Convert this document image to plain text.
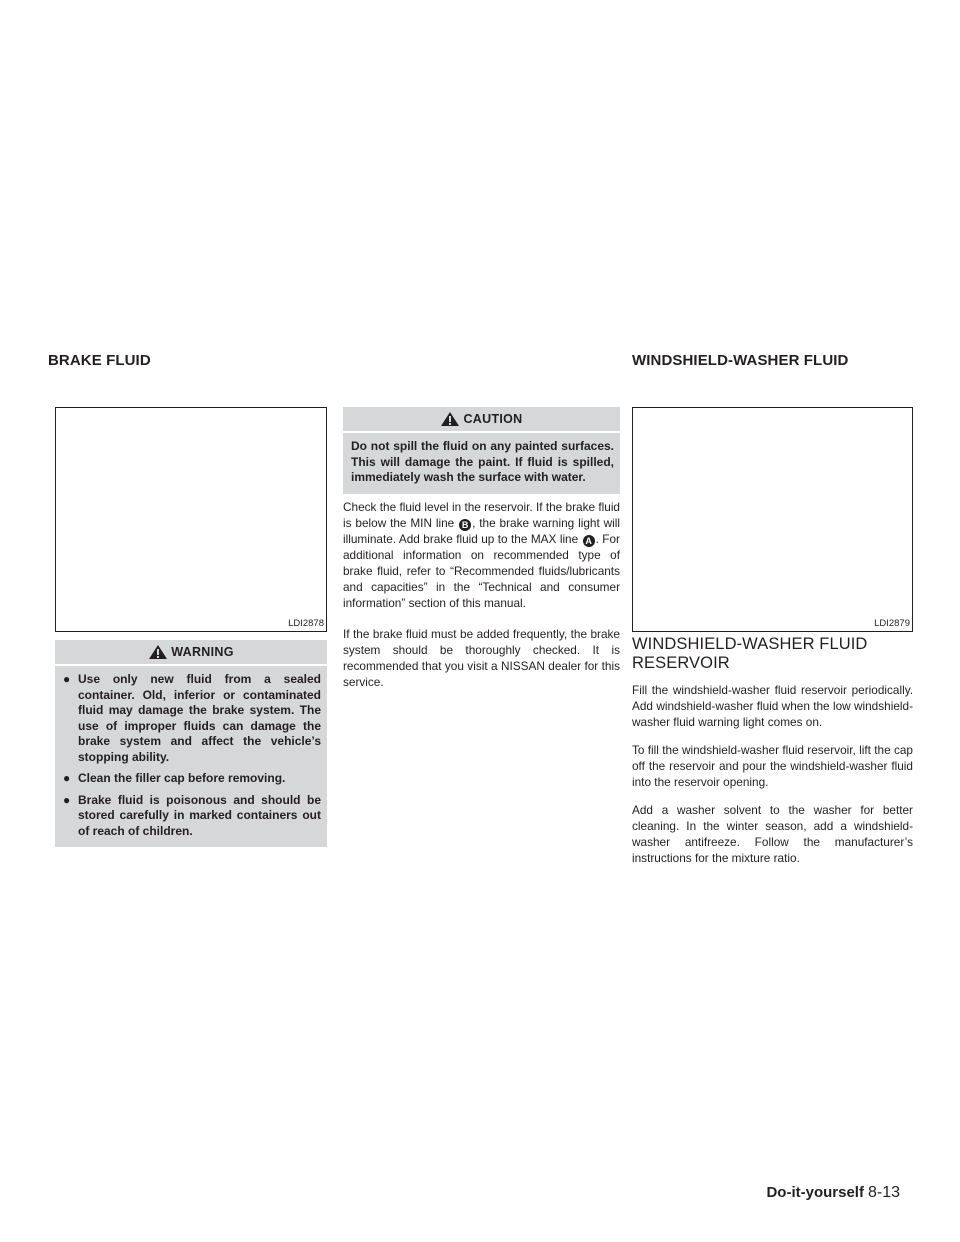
BRAKE FLUID	WINDSHIELD-WASHER FLUID
LDI2878
WARNING
● Use only new fluid from a sealed container. Old, inferior or contaminated fluid may damage the brake system. The use of improper fluids can damage the brake system and affect the vehicle’s stopping ability.
● Clean the filler cap before removing.
● Brake fluid is poisonous and should be stored carefully in marked containers out of reach of children.
CAUTION
Do not spill the fluid on any painted surfaces. This will damage the paint. If fluid is spilled, immediately wash the surface with water.

Check the fluid level in the reservoir. If the brake fluid is below the MIN line B , the brake warning light will illuminate. Add brake fluid up to the MAX line A . For additional information on recommended type of brake fluid, refer to “Recommended fluids/lubricants and capacities” in the “Technical and consumer information” section of this manual.

If the brake fluid must be added frequently, the brake system should be thoroughly checked. It is recommended that you visit a NISSAN dealer for this service.

LDI2879
WINDSHIELD-WASHER FLUID RESERVOIR

Fill the windshield-washer fluid reservoir periodically. Add windshield-washer fluid when the low windshield-washer fluid warning light comes on.

To fill the windshield-washer fluid reservoir, lift the cap off the reservoir and pour the windshield-washer fluid into the reservoir opening.

Add a washer solvent to the washer for better cleaning. In the winter season, add a windshield-washer antifreeze. Follow the manufacturer’s instructions for the mixture ratio.

Do-it-yourself 8-13
